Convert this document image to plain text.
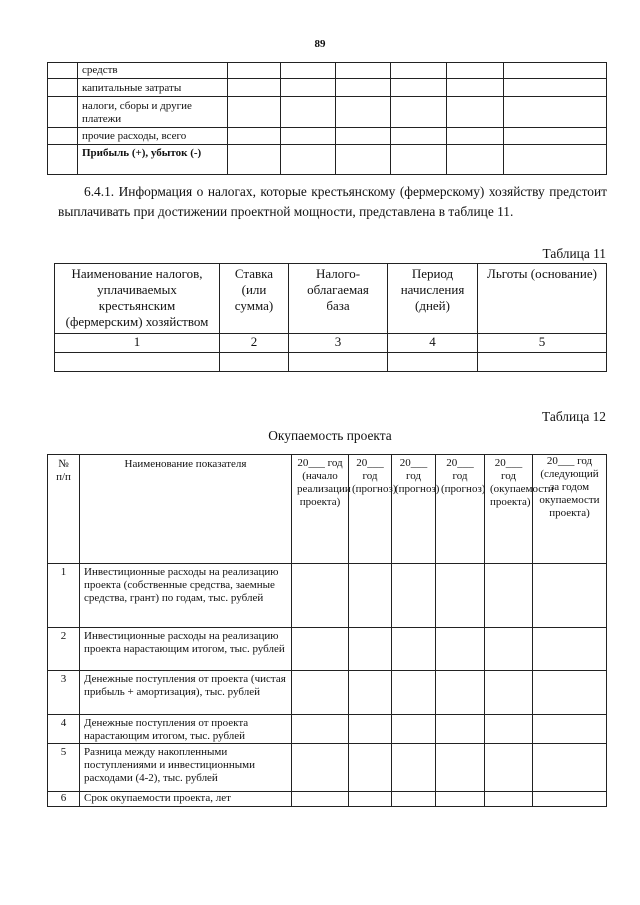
89
	средств						
	капитальные затраты						
	налоги, сборы и другие платежи						
	прочие расходы, всего						
	Прибыль (+), убыток (-)						
6.4.1. Информация о налогах, которые крестьянскому (фермерскому) хозяйству предстоит выплачивать при достижении проектной мощности, представлена в таблице 11.
Таблица 11
Наименование налогов, уплачиваемых крестьянским (фермерским) хозяйством	Ставка (или сумма)	Налого-облагаемая база	Период начисления (дней)	Льготы (основание)
1	2	3	4	5

Таблица 12
Окупаемость проекта
№ п/п	Наименование показателя	20___ год (начало реализации проекта)	20___ год (прогноз)	20___ год (прогноз)	20___ год (прогноз)	20___ год (окупаемости проекта)	20___ год (следующий за годом окупаемости проекта)
1	Инвестиционные расходы на реализацию проекта (собственные средства, заемные средства, грант) по годам, тыс. рублей						
2	Инвестиционные расходы на реализацию проекта нарастающим итогом, тыс. рублей						
3	Денежные поступления от проекта (чистая прибыль + амортизация), тыс. рублей						
4	Денежные поступления от проекта нарастающим итогом, тыс. рублей						
5	Разница между накопленными поступлениями и инвестиционными расходами (4-2), тыс. рублей						
6	Срок окупаемости проекта, лет						
